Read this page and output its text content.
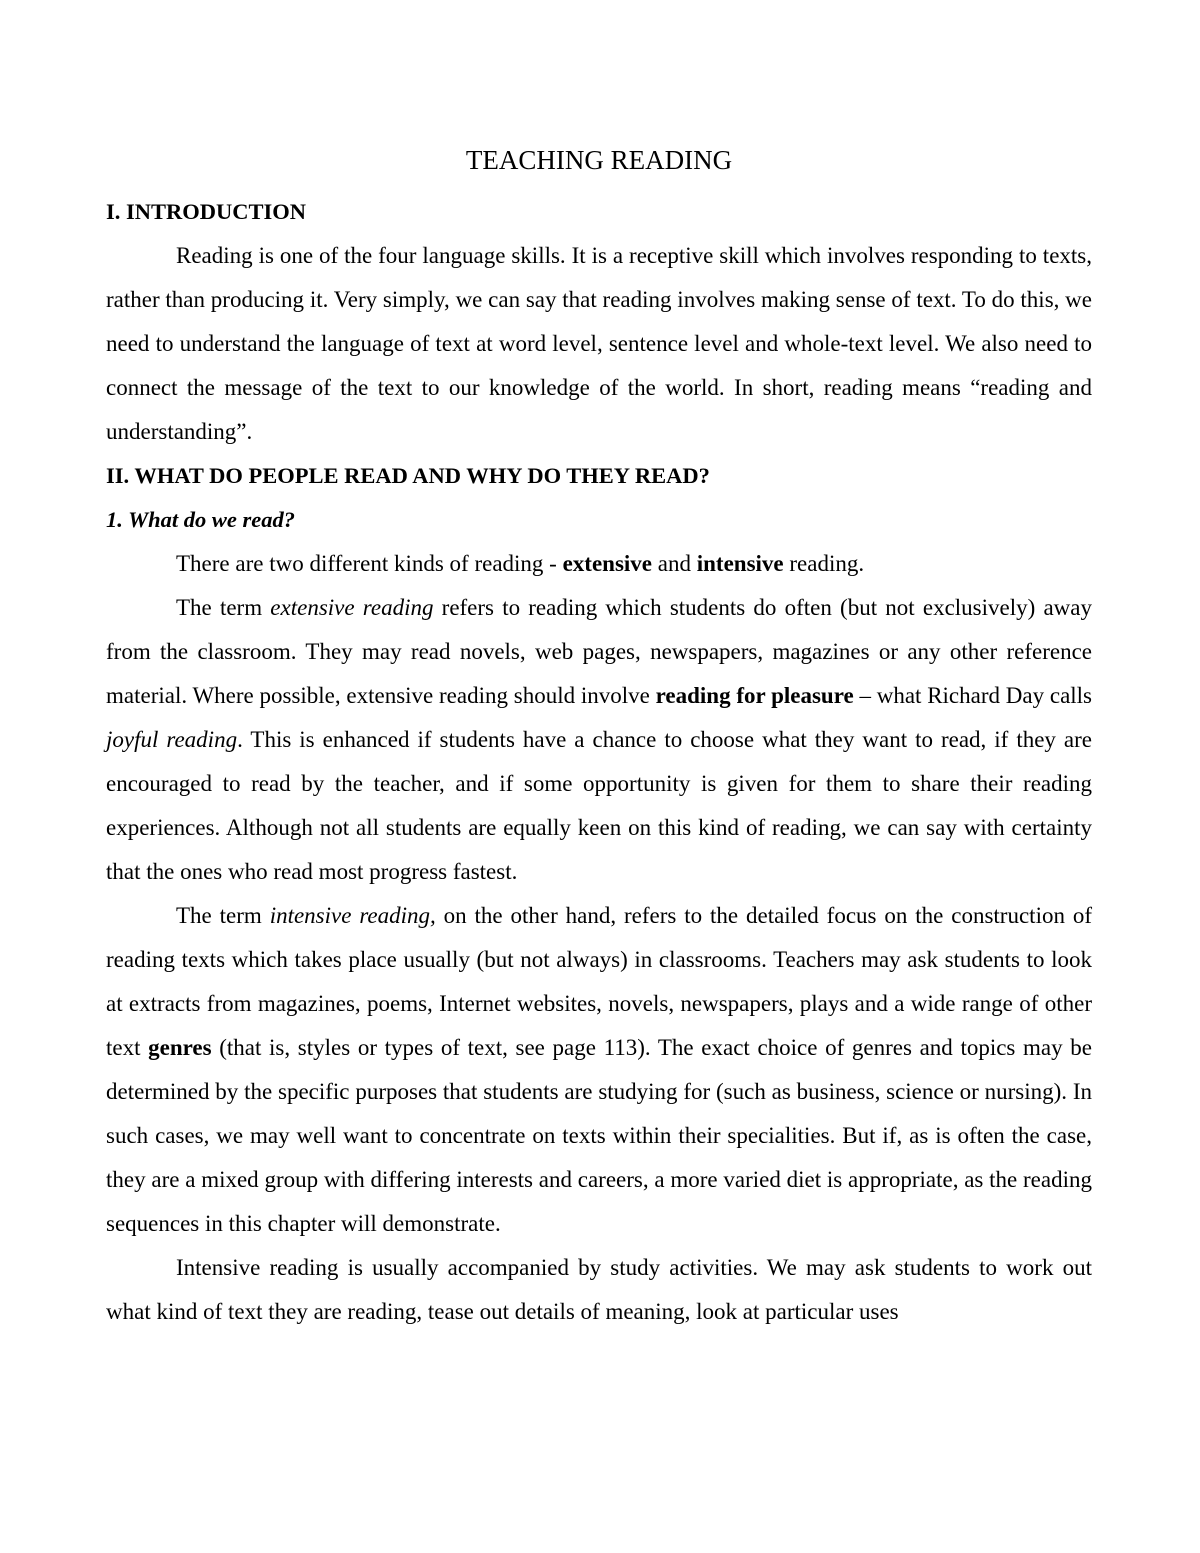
TEACHING READING
I. INTRODUCTION

Reading is one of the four language skills. It is a receptive skill which involves responding to texts, rather than producing it. Very simply, we can say that reading involves making sense of text. To do this, we need to understand the language of text at word level, sentence level and whole-text level. We also need to connect the message of the text to our knowledge of the world. In short, reading means “reading and understanding”.

II. WHAT DO PEOPLE READ AND WHY DO THEY READ?
1. What do we read?

There are two different kinds of reading - extensive and intensive reading.

The term extensive reading refers to reading which students do often (but not exclusively) away from the classroom. They may read novels, web pages, newspapers, magazines or any other reference material. Where possible, extensive reading should involve reading for pleasure – what Richard Day calls joyful reading. This is enhanced if students have a chance to choose what they want to read, if they are encouraged to read by the teacher, and if some opportunity is given for them to share their reading experiences. Although not all students are equally keen on this kind of reading, we can say with certainty that the ones who read most progress fastest.

The term intensive reading, on the other hand, refers to the detailed focus on the construction of reading texts which takes place usually (but not always) in classrooms. Teachers may ask students to look at extracts from magazines, poems, Internet websites, novels, newspapers, plays and a wide range of other text genres (that is, styles or types of text, see page 113). The exact choice of genres and topics may be determined by the specific purposes that students are studying for (such as business, science or nursing). In such cases, we may well want to concentrate on texts within their specialities. But if, as is often the case, they are a mixed group with differing interests and careers, a more varied diet is appropriate, as the reading sequences in this chapter will demonstrate.

Intensive reading is usually accompanied by study activities. We may ask students to work out what kind of text they are reading, tease out details of meaning, look at particular uses
